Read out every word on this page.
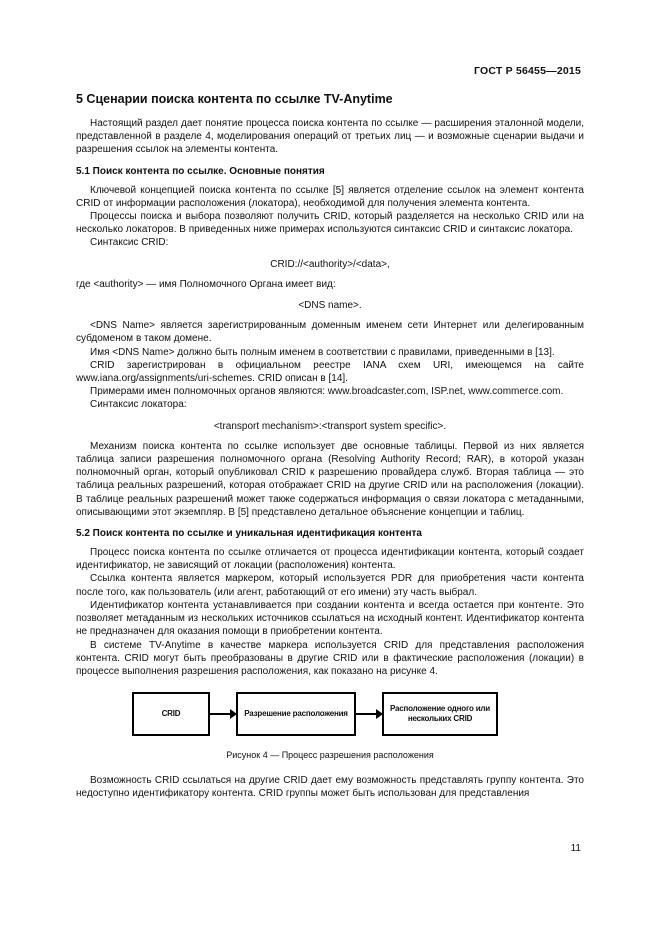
ГОСТ Р 56455—2015
5 Сценарии поиска контента по ссылке TV-Anytime

Настоящий раздел дает понятие процесса поиска контента по ссылке — расширения эталонной модели, представленной в разделе 4, моделирования операций от третьих лиц — и возможные сценарии выдачи и разрешения ссылок на элементы контента.

5.1 Поиск контента по ссылке. Основные понятия

Ключевой концепцией поиска контента по ссылке [5] является отделение ссылок на элемент контента CRID от информации расположения (локатора), необходимой для получения элемента контента.

Процессы поиска и выбора позволяют получить CRID, который разделяется на несколько CRID или на несколько локаторов. В приведенных ниже примерах используются синтаксис CRID и синтаксис локатора.

Синтаксис CRID:

CRID://<authority>/<data>,

где <authority> — имя Полномочного Органа имеет вид:

<DNS name>.

<DNS Name> является зарегистрированным доменным именем сети Интернет или делегированным субдоменом в таком домене.

Имя <DNS Name> должно быть полным именем в соответствии с правилами, приведенными в [13].

CRID зарегистрирован в официальном реестре IANA схем URI, имеющемся на сайте www.iana.org/assignments/uri-schemes. CRID описан в [14].

Примерами имен полномочных органов являются: www.broadcaster.com, ISP.net, www.commerce.com.

Синтаксис локатора:

<transport mechanism>:<transport system specific>.

Механизм поиска контента по ссылке использует две основные таблицы. Первой из них является таблица записи разрешения полномочного органа (Resolving Authority Record; RAR), в которой указан полномочный орган, который опубликовал CRID к разрешению провайдера служб. Вторая таблица — это таблица реальных разрешений, которая отображает CRID на другие CRID или на расположения (локации). В таблице реальных разрешений может также содержаться информация о связи локатора с метаданными, описывающими этот экземпляр. В [5] представлено детальное объяснение концепции и таблиц.

5.2 Поиск контента по ссылке и уникальная идентификация контента

Процесс поиска контента по ссылке отличается от процесса идентификации контента, который создает идентификатор, не зависящий от локации (расположения) контента.

Ссылка контента является маркером, который используется PDR для приобретения части контента после того, как пользователь (или агент, работающий от его имени) эту часть выбрал.

Идентификатор контента устанавливается при создании контента и всегда остается при контенте. Это позволяет метаданным из нескольких источников ссылаться на исходный контент. Идентификатор контента не предназначен для оказания помощи в приобретении контента.

В системе TV-Anytime в качестве маркера используется CRID для представления расположения контента. CRID могут быть преобразованы в другие CRID или в фактические расположения (локации) в процессе выполнения разрешения расположения, как показано на рисунке 4.

CRID	Разрешение расположения
Расположение одного или нескольких CRID
Рисунок 4 — Процесс разрешения расположения

Возможность CRID ссылаться на другие CRID дает ему возможность представлять группу контента. Это недоступно идентификатору контента. CRID группы может быть использован для представления

11
